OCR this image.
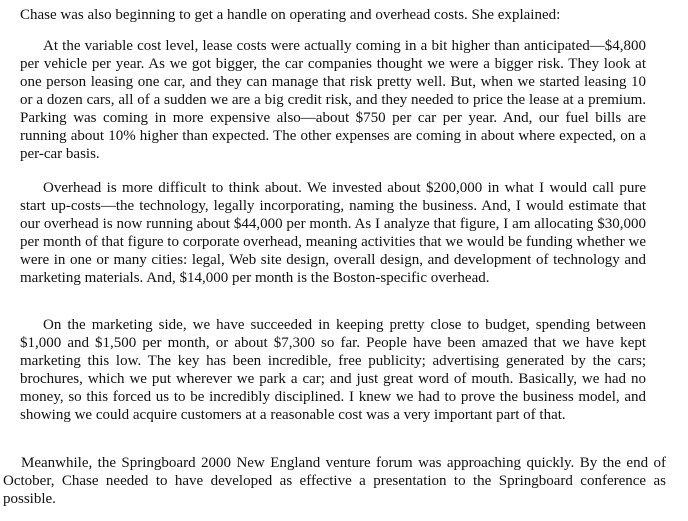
Chase was also beginning to get a handle on operating and overhead costs. She explained:

At the variable cost level, lease costs were actually coming in a bit higher than anticipated—$4,800 per vehicle per year. As we got bigger, the car companies thought we were a bigger risk. They look at one person leasing one car, and they can manage that risk pretty well. But, when we started leasing 10 or a dozen cars, all of a sudden we are a big credit risk, and they needed to price the lease at a premium. Parking was coming in more expensive also—about $750 per car per year. And, our fuel bills are running about 10% higher than expected. The other expenses are coming in about where expected, on a per-car basis.

Overhead is more difficult to think about. We invested about $200,000 in what I would call pure start up-costs—the technology, legally incorporating, naming the business. And, I would estimate that our overhead is now running about $44,000 per month. As I analyze that figure, I am allocating $30,000 per month of that figure to corporate overhead, meaning activities that we would be funding whether we were in one or many cities: legal, Web site design, overall design, and development of technology and marketing materials. And, $14,000 per month is the Boston-specific overhead.

On the marketing side, we have succeeded in keeping pretty close to budget, spending between $1,000 and $1,500 per month, or about $7,300 so far. People have been amazed that we have kept marketing this low. The key has been incredible, free publicity; advertising generated by the cars; brochures, which we put wherever we park a car; and just great word of mouth. Basically, we had no money, so this forced us to be incredibly disciplined. I knew we had to prove the business model, and showing we could acquire customers at a reasonable cost was a very important part of that.

Meanwhile, the Springboard 2000 New England venture forum was approaching quickly. By the end of October, Chase needed to have developed as effective a presentation to the Springboard conference as possible.
